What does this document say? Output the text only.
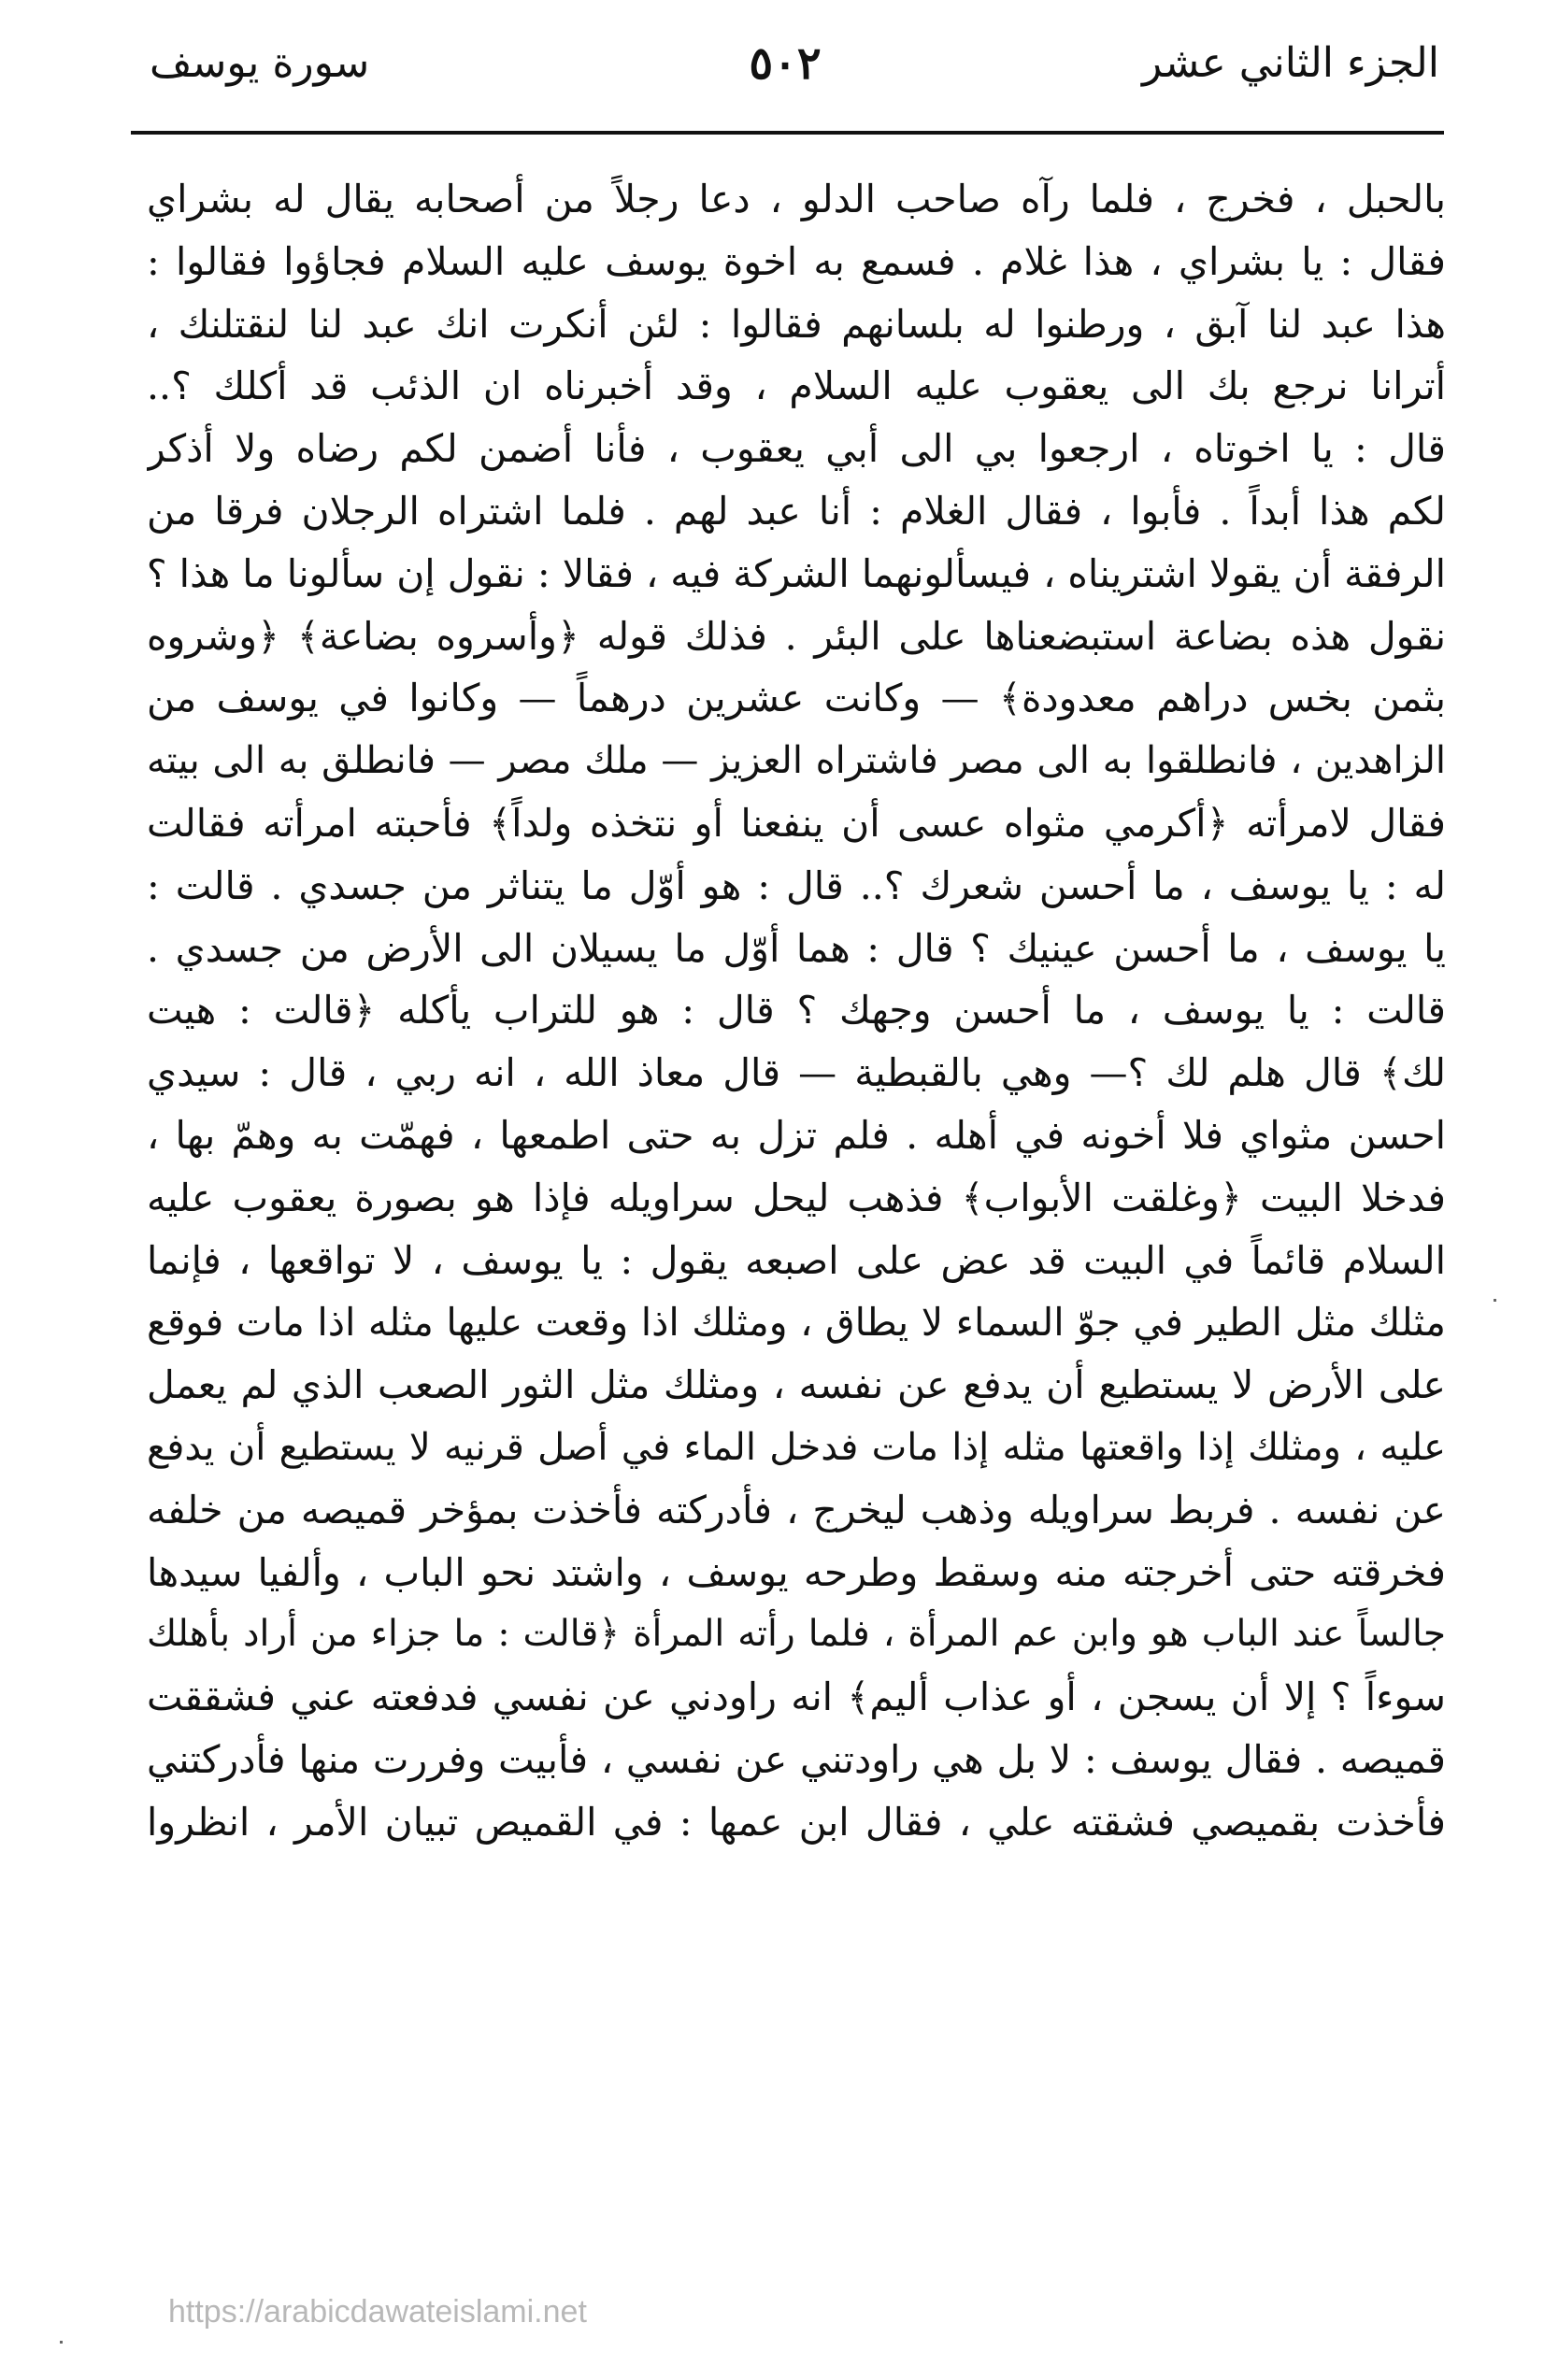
الجزء الثاني عشر
٥٠٢
سورة يوسف
بالحبل ، فخرج ، فلما رآه صاحب الدلو ، دعا رجلاً من أصحابه يقال له بشراي
فقال : يا بشراي ، هذا غلام . فسمع به اخوة يوسف عليه السلام فجاؤوا فقالوا :
هذا عبد لنا آبق ، ورطنوا له بلسانهم فقالوا : لئن أنكرت انك عبد لنا لنقتلنك ،
أترانا نرجع بك الى يعقوب عليه السلام ، وقد أخبرناه ان الذئب قد أكلك ؟..
قال : يا اخوتاه ، ارجعوا بي الى أبي يعقوب ، فأنا أضمن لكم رضاه ولا أذكر
لكم هذا أبداً . فأبوا ، فقال الغلام : أنا عبد لهم . فلما اشتراه الرجلان فرقا من
الرفقة أن يقولا اشتريناه ، فيسألونهما الشركة فيه ، فقالا : نقول إن سألونا ما هذا ؟
نقول هذه بضاعة استبضعناها على البئر . فذلك قوله ﴿وأسروه بضاعة﴾ ﴿وشروه
بثمن بخس دراهم معدودة﴾ — وكانت عشرين درهماً — وكانوا في يوسف من
الزاهدين ، فانطلقوا به الى مصر فاشتراه العزيز — ملك مصر — فانطلق به الى بيته
فقال لامرأته ﴿أكرمي مثواه عسى أن ينفعنا أو نتخذه ولداً﴾ فأحبته امرأته فقالت
له : يا يوسف ، ما أحسن شعرك ؟.. قال : هو أوّل ما يتناثر من جسدي . قالت :
يا يوسف ، ما أحسن عينيك ؟ قال : هما أوّل ما يسيلان الى الأرض من جسدي .
قالت : يا يوسف ، ما أحسن وجهك ؟ قال : هو للتراب يأكله ﴿قالت : هيت
لك﴾ قال هلم لك ؟— وهي بالقبطية — قال معاذ الله ، انه ربي ، قال : سيدي
احسن مثواي فلا أخونه في أهله . فلم تزل به حتى اطمعها ، فهمّت به وهمّ بها ،
فدخلا البيت ﴿وغلقت الأبواب﴾ فذهب ليحل سراويله فإذا هو بصورة يعقوب عليه
السلام قائماً في البيت قد عض على اصبعه يقول : يا يوسف ، لا تواقعها ، فإنما
مثلك مثل الطير في جوّ السماء لا يطاق ، ومثلك اذا وقعت عليها مثله اذا مات فوقع
على الأرض لا يستطيع أن يدفع عن نفسه ، ومثلك مثل الثور الصعب الذي لم يعمل
عليه ، ومثلك إذا واقعتها مثله إذا مات فدخل الماء في أصل قرنيه لا يستطيع أن يدفع
عن نفسه . فربط سراويله وذهب ليخرج ، فأدركته فأخذت بمؤخر قميصه من خلفه
فخرقته حتى أخرجته منه وسقط وطرحه يوسف ، واشتد نحو الباب ، وألفيا سيدها
جالساً عند الباب هو وابن عم المرأة ، فلما رأته المرأة ﴿قالت : ما جزاء من أراد بأهلك
سوءاً ؟ إلا أن يسجن ، أو عذاب أليم﴾ انه راودني عن نفسي فدفعته عني فشققت
قميصه . فقال يوسف : لا بل هي راودتني عن نفسي ، فأبيت وفررت منها فأدركتني
فأخذت بقميصي فشقته علي ، فقال ابن عمها : في القميص تبيان الأمر ، انظروا
https://arabicdawateislami.net
